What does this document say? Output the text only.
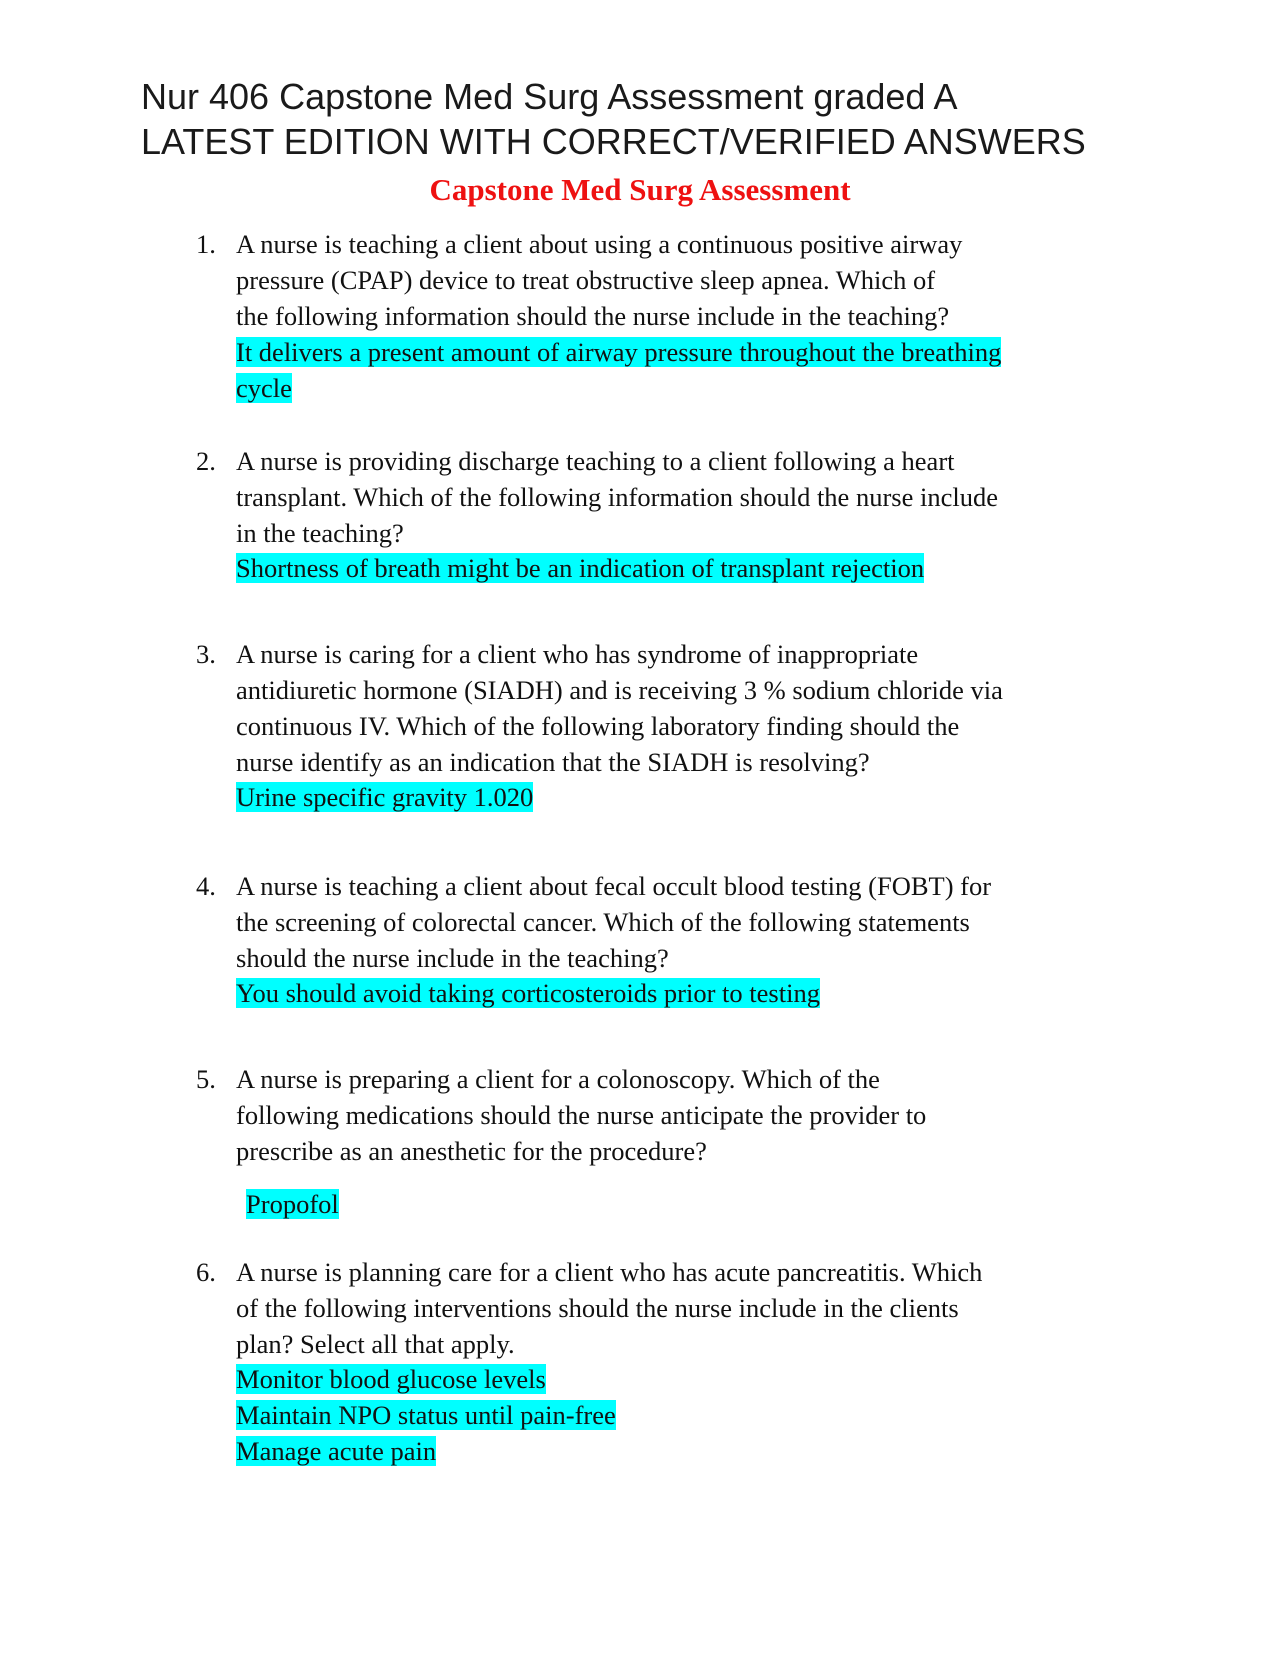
Nur 406 Capstone Med Surg Assessment graded A
LATEST EDITION WITH CORRECT/VERIFIED ANSWERS
Capstone Med Surg Assessment
1. A nurse is teaching a client about using a continuous positive airway
pressure (CPAP) device to treat obstructive sleep apnea. Which of
the following information should the nurse include in the teaching?
It delivers a present amount of airway pressure throughout the breathing
cycle
2. A nurse is providing discharge teaching to a client following a heart
transplant. Which of the following information should the nurse include
in the teaching?
Shortness of breath might be an indication of transplant rejection
3. A nurse is caring for a client who has syndrome of inappropriate
antidiuretic hormone (SIADH) and is receiving 3 % sodium chloride via
continuous IV. Which of the following laboratory finding should the
nurse identify as an indication that the SIADH is resolving?
Urine specific gravity 1.020
4. A nurse is teaching a client about fecal occult blood testing (FOBT) for
the screening of colorectal cancer. Which of the following statements
should the nurse include in the teaching?
You should avoid taking corticosteroids prior to testing
5. A nurse is preparing a client for a colonoscopy. Which of the
following medications should the nurse anticipate the provider to
prescribe as an anesthetic for the procedure?
Propofol
6. A nurse is planning care for a client who has acute pancreatitis. Which
of the following interventions should the nurse include in the clients
plan? Select all that apply.
Monitor blood glucose levels
Maintain NPO status until pain-free
Manage acute pain
